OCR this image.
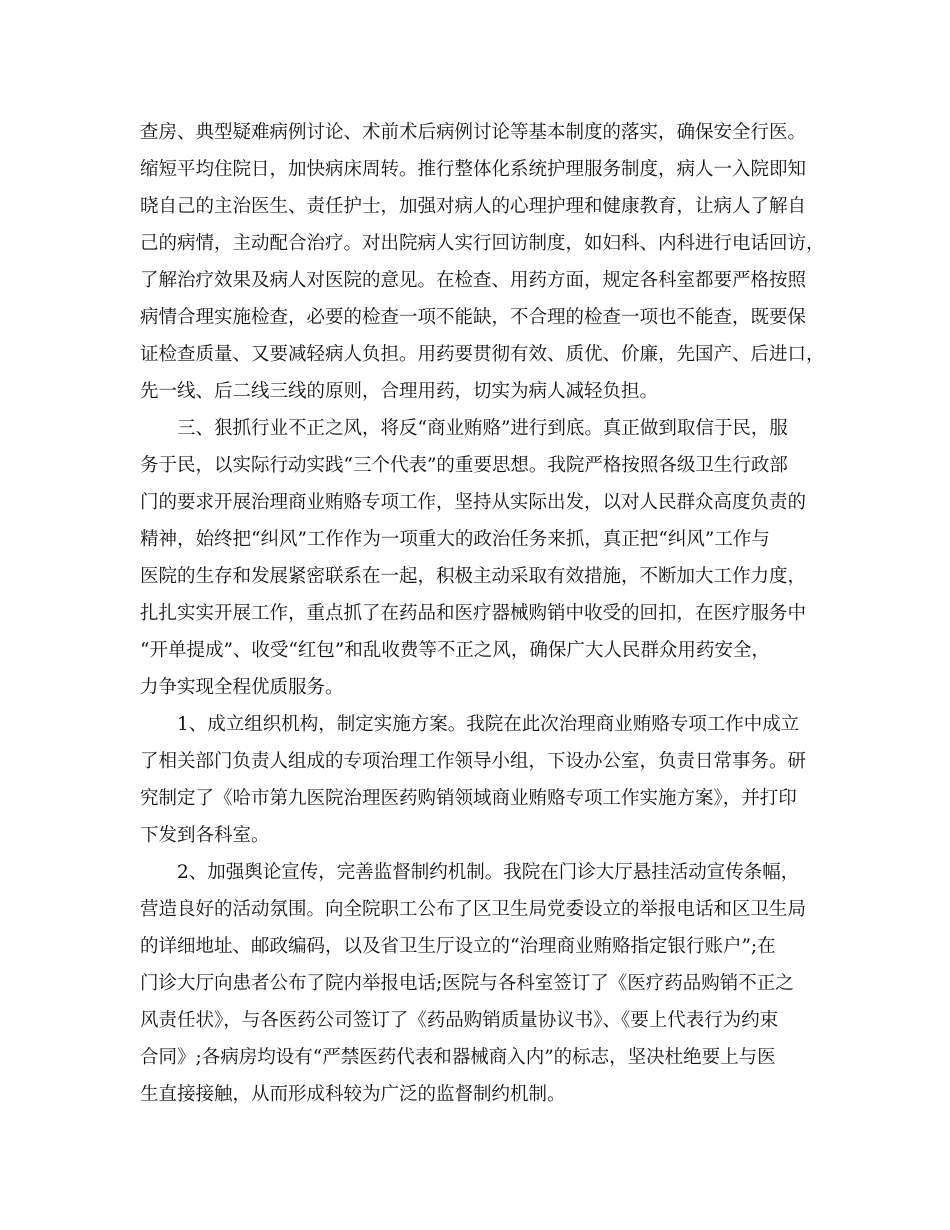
查房、典型疑难病例讨论、术前术后病例讨论等基本制度的落实，确保安全行医。

缩短平均住院日，加快病床周转。推行整体化系统护理服务制度，病人一入院即知

晓自己的主治医生、责任护士，加强对病人的心理护理和健康教育，让病人了解自

己的病情，主动配合治疗。对出院病人实行回访制度，如妇科、内科进行电话回访，

了解治疗效果及病人对医院的意见。在检查、用药方面，规定各科室都要严格按照

病情合理实施检查，必要的检查一项不能缺，不合理的检查一项也不能查，既要保

证检查质量、又要减轻病人负担。用药要贯彻有效、质优、价廉，先国产、后进口，

先一线、后二线三线的原则，合理用药，切实为病人减轻负担。

三、狠抓行业不正之风，将反“商业贿赂”进行到底。真正做到取信于民，服

务于民，以实际行动实践“三个代表”的重要思想。我院严格按照各级卫生行政部

门的要求开展治理商业贿赂专项工作，坚持从实际出发，以对人民群众高度负责的

精神，始终把“纠风”工作作为一项重大的政治任务来抓，真正把“纠风”工作与

医院的生存和发展紧密联系在一起，积极主动采取有效措施，不断加大工作力度，

扎扎实实开展工作，重点抓了在药品和医疗器械购销中收受的回扣，在医疗服务中

“开单提成”、收受“红包”和乱收费等不正之风，确保广大人民群众用药安全，

力争实现全程优质服务。

1、成立组织机构，制定实施方案。我院在此次治理商业贿赂专项工作中成立

了相关部门负责人组成的专项治理工作领导小组，下设办公室，负责日常事务。研

究制定了《哈市第九医院治理医药购销领域商业贿赂专项工作实施方案》，并打印

下发到各科室。

2、加强舆论宣传，完善监督制约机制。我院在门诊大厅悬挂活动宣传条幅，

营造良好的活动氛围。向全院职工公布了区卫生局党委设立的举报电话和区卫生局

的详细地址、邮政编码，以及省卫生厅设立的“治理商业贿赂指定银行账户”;在

门诊大厅向患者公布了院内举报电话;医院与各科室签订了《医疗药品购销不正之

风责任状》，与各医药公司签订了《药品购销质量协议书》、《要上代表行为约束

合同》;各病房均设有“严禁医药代表和器械商入内”的标志，坚决杜绝要上与医

生直接接触，从而形成科较为广泛的监督制约机制。
